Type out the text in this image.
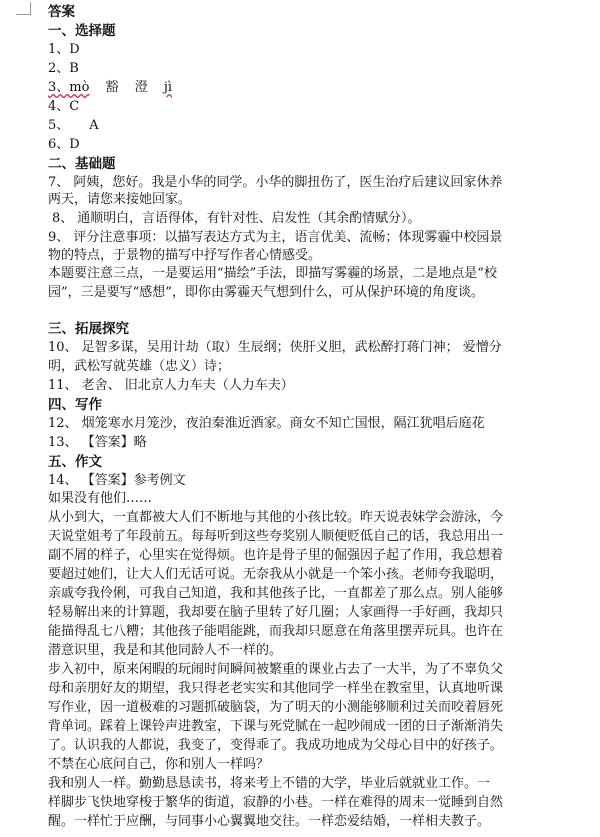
答案
一、选择题
1、D
2、B
3、mò 豁 澄 jì
4、C
5、 A
6、D
二、基础题
7、 阿姨，您好。我是小华的同学。小华的脚扭伤了，医生治疗后建议回家休养
两天，请您来接她回家。
8、 通顺明白，言语得体，有针对性、启发性（其余酌情赋分）。
9、 评分注意事项：以描写表达方式为主，语言优美、流畅；体现雾霾中校园景
物的特点，于景物的描写中抒写作者心情感受。
本题要注意三点，一是要运用“描绘”手法，即描写雾霾的场景，二是地点是“校
园”，三是要写“感想”，即你由雾霾天气想到什么，可从保护环境的角度谈。
三、拓展探究
10、 足智多谋，吴用计劫（取）生辰纲；侠肝义胆，武松醉打蒋门神； 爱憎分
明，武松写就英雄（忠义）诗；
11、 老舍、 旧北京人力车夫（人力车夫）
四、写作
12、 烟笼寒水月笼沙，夜泊秦淮近酒家。商女不知亡国恨，隔江犹唱后庭花
13、 【答案】略
五、作文
14、 【答案】参考例文
如果没有他们……
从小到大，一直都被大人们不断地与其他的小孩比较。昨天说表妹学会游泳，今
天说堂姐考了年段前五。每每听到这些夸奖别人顺便贬低自己的话，我总用出一
副不屑的样子，心里实在觉得烦。也许是骨子里的倔强因子起了作用，我总想着
要超过她们，让大人们无话可说。无奈我从小就是一个笨小孩。老师夸我聪明，
亲戚夸我伶俐，可我自己知道，我和其他孩子比，一直都差了那么点。别人能够
轻易解出来的计算题，我却要在脑子里转了好几圈；人家画得一手好画，我却只
能描得乱七八糟；其他孩子能唱能跳，而我却只愿意在角落里摆弄玩具。也许在
潜意识里，我是和其他同龄人不一样的。
步入初中，原来闲暇的玩闹时间瞬间被繁重的课业占去了一大半，为了不辜负父
母和亲朋好友的期望，我只得老老实实和其他同学一样坐在教室里，认真地听课
写作业，因一道极难的习题抓破脑袋，为了明天的小测能够顺利过关而咬着唇死
背单词。踩着上课铃声进教室，下课与死党腻在一起吵闹成一团的日子渐渐消失
了。认识我的人都说，我变了，变得乖了。我成功地成为父母心目中的好孩子。
不禁在心底问自己，你和别人一样吗？
我和别人一样。勤勤恳恳读书，将来考上不错的大学，毕业后就就业工作。一
样脚步飞快地穿梭于繁华的街道，寂静的小巷。一样在难得的周末一觉睡到自然
醒。一样忙于应酬，与同事小心翼翼地交往。一样恋爱结婚，一样相夫教子。
